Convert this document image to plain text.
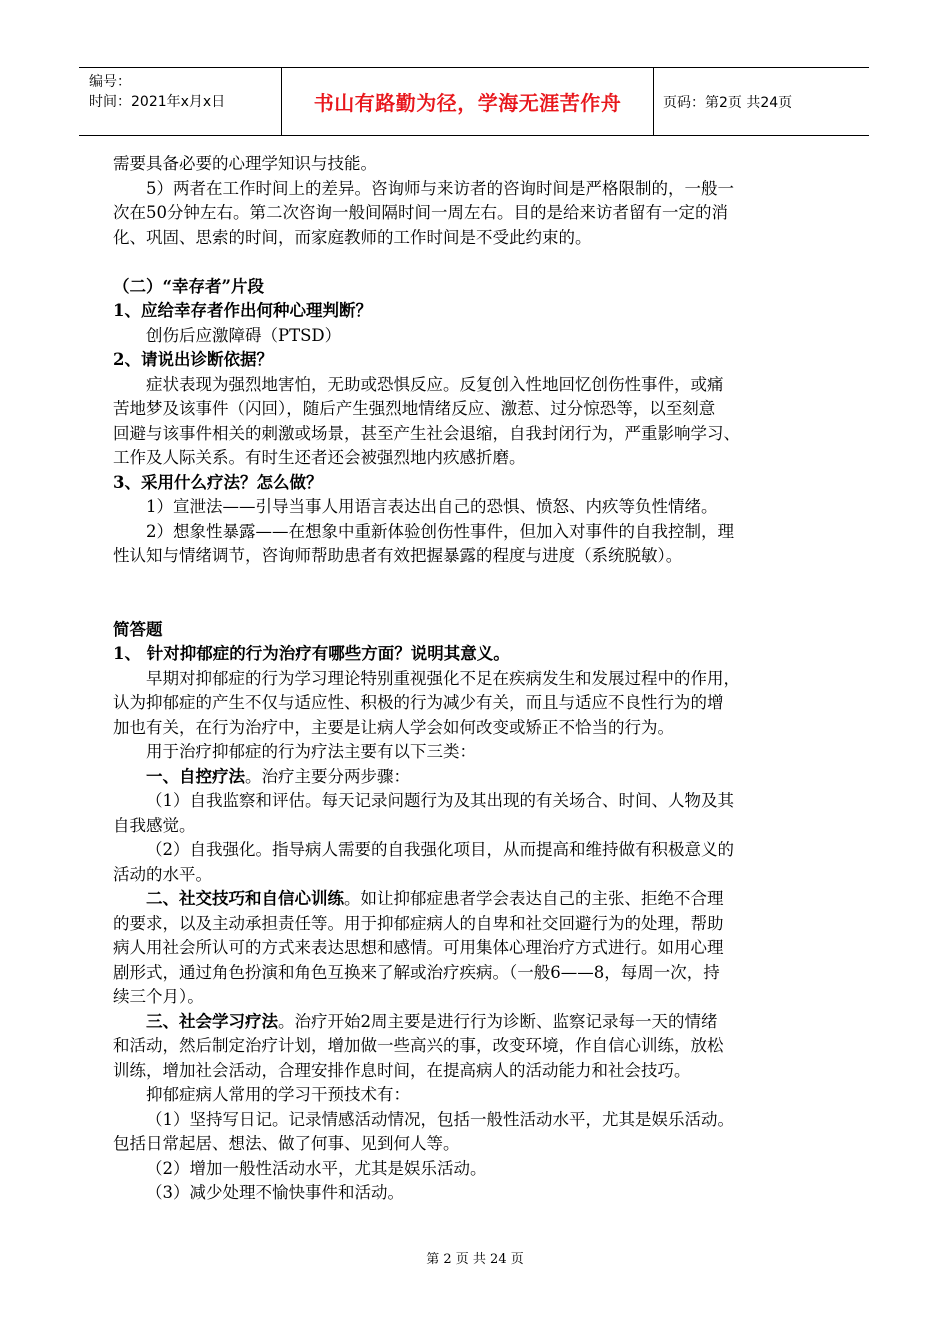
编号：
时间：2021年x月x日	书山有路勤为径，学海无涯苦作舟	页码：第2页 共24页
需要具备必要的心理学知识与技能。
5）两者在工作时间上的差异。咨询师与来访者的咨询时间是严格限制的，一般一
次在50分钟左右。第二次咨询一般间隔时间一周左右。目的是给来访者留有一定的消
化、巩固、思索的时间，而家庭教师的工作时间是不受此约束的。
（二）“幸存者”片段
1、应给幸存者作出何种心理判断？
创伤后应激障碍（PTSD）
2、请说出诊断依据？
症状表现为强烈地害怕，无助或恐惧反应。反复创入性地回忆创伤性事件，或痛
苦地梦及该事件（闪回），随后产生强烈地情绪反应、激惹、过分惊恐等，以至刻意
回避与该事件相关的刺激或场景，甚至产生社会退缩，自我封闭行为，严重影响学习、
工作及人际关系。有时生还者还会被强烈地内疚感折磨。
3、采用什么疗法？怎么做？
1）宣泄法——引导当事人用语言表达出自己的恐惧、愤怒、内疚等负性情绪。
2）想象性暴露——在想象中重新体验创伤性事件，但加入对事件的自我控制，理
性认知与情绪调节，咨询师帮助患者有效把握暴露的程度与进度（系统脱敏）。
简答题
1、 针对抑郁症的行为治疗有哪些方面？说明其意义。
早期对抑郁症的行为学习理论特别重视强化不足在疾病发生和发展过程中的作用，
认为抑郁症的产生不仅与适应性、积极的行为减少有关，而且与适应不良性行为的增
加也有关，在行为治疗中，主要是让病人学会如何改变或矫正不恰当的行为。
用于治疗抑郁症的行为疗法主要有以下三类：
一、自控疗法。治疗主要分两步骤：
（1）自我监察和评估。每天记录问题行为及其出现的有关场合、时间、人物及其
自我感觉。
（2）自我强化。指导病人需要的自我强化项目，从而提高和维持做有积极意义的
活动的水平。
二、社交技巧和自信心训练。如让抑郁症患者学会表达自己的主张、拒绝不合理
的要求，以及主动承担责任等。用于抑郁症病人的自卑和社交回避行为的处理，帮助
病人用社会所认可的方式来表达思想和感情。可用集体心理治疗方式进行。如用心理
剧形式，通过角色扮演和角色互换来了解或治疗疾病。（一般6——8，每周一次，持
续三个月）。
三、社会学习疗法。治疗开始2周主要是进行行为诊断、监察记录每一天的情绪
和活动，然后制定治疗计划，增加做一些高兴的事，改变环境，作自信心训练，放松
训练，增加社会活动，合理安排作息时间，在提高病人的活动能力和社会技巧。
抑郁症病人常用的学习干预技术有：
（1）坚持写日记。记录情感活动情况，包括一般性活动水平，尤其是娱乐活动。
包括日常起居、想法、做了何事、见到何人等。
（2）增加一般性活动水平，尤其是娱乐活动。
（3）减少处理不愉快事件和活动。
第 2 页 共 24 页
